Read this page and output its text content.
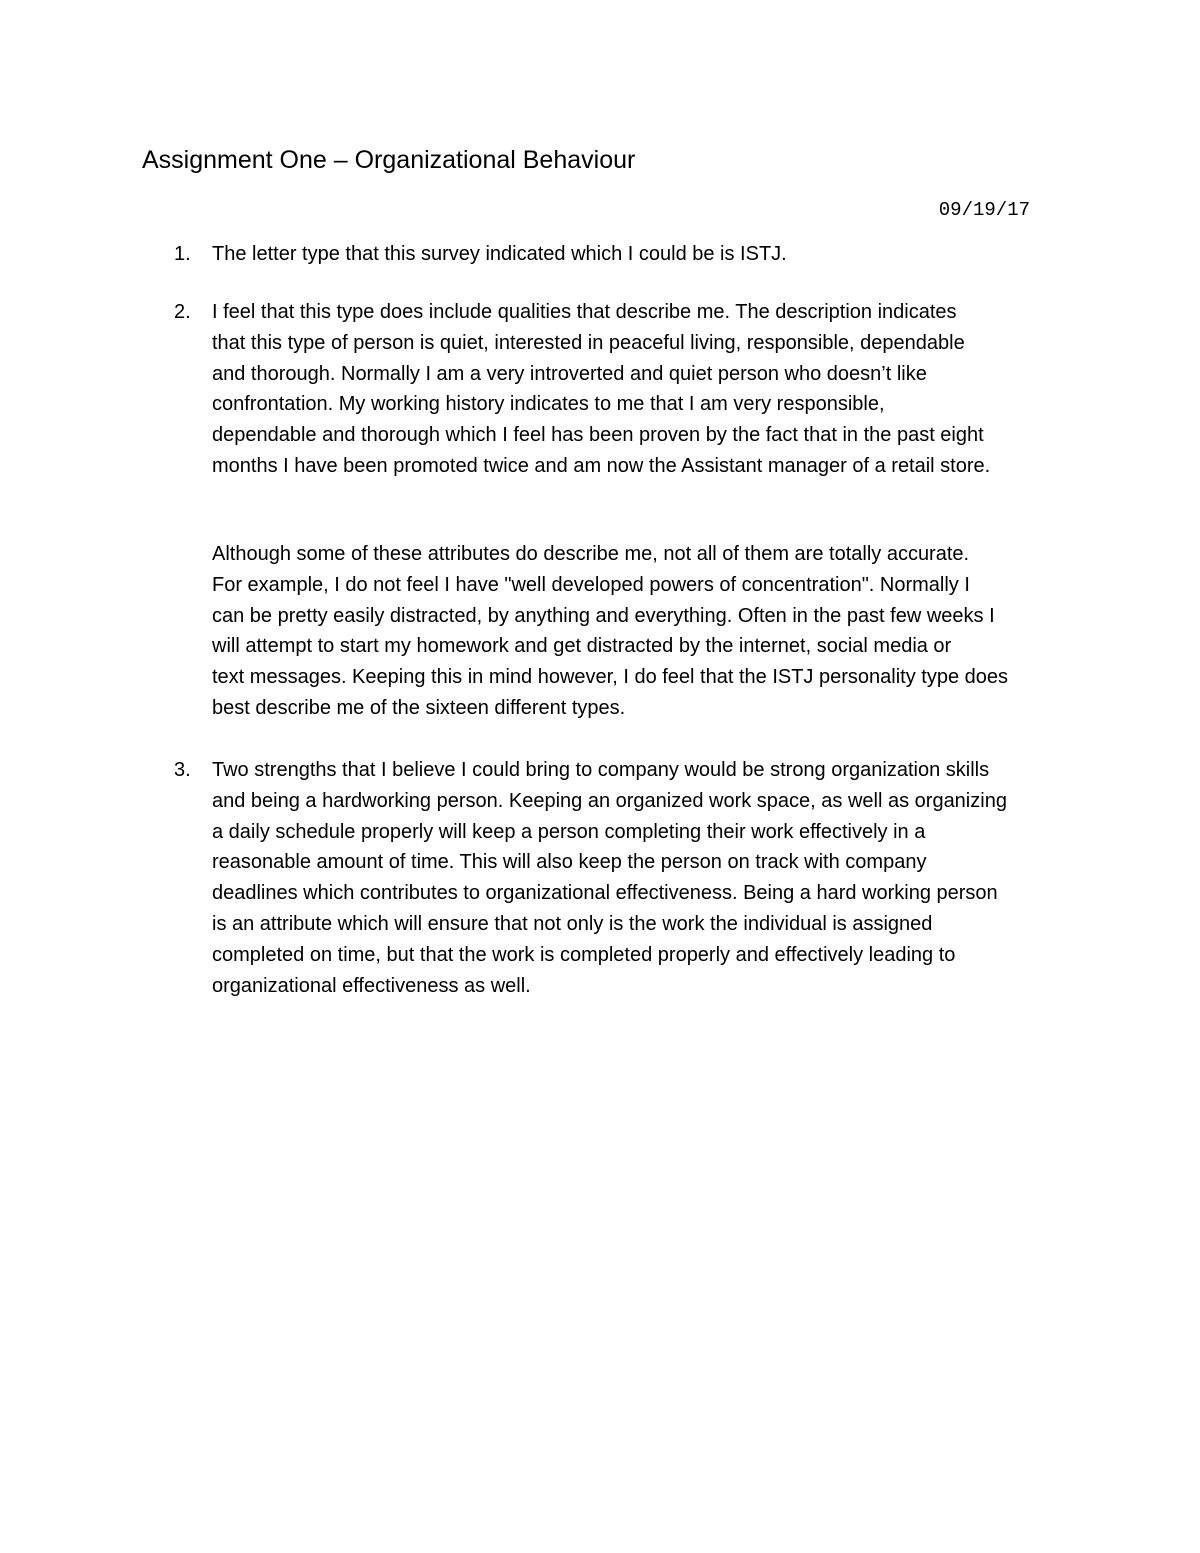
Assignment One – Organizational Behaviour
09/19/17
1. The letter type that this survey indicated which I could be is ISTJ.
2. I feel that this type does include qualities that describe me. The description indicates
that this type of person is quiet, interested in peaceful living, responsible, dependable
and thorough. Normally I am a very introverted and quiet person who doesn’t like
confrontation. My working history indicates to me that I am very responsible,
dependable and thorough which I feel has been proven by the fact that in the past eight
months I have been promoted twice and am now the Assistant manager of a retail store.
Although some of these attributes do describe me, not all of them are totally accurate.
For example, I do not feel I have "well developed powers of concentration". Normally I
can be pretty easily distracted, by anything and everything. Often in the past few weeks I
will attempt to start my homework and get distracted by the internet, social media or
text messages. Keeping this in mind however, I do feel that the ISTJ personality type does
best describe me of the sixteen different types.
3. Two strengths that I believe I could bring to company would be strong organization skills
and being a hardworking person. Keeping an organized work space, as well as organizing
a daily schedule properly will keep a person completing their work effectively in a
reasonable amount of time. This will also keep the person on track with company
deadlines which contributes to organizational effectiveness. Being a hard working person
is an attribute which will ensure that not only is the work the individual is assigned
completed on time, but that the work is completed properly and effectively leading to
organizational effectiveness as well.
